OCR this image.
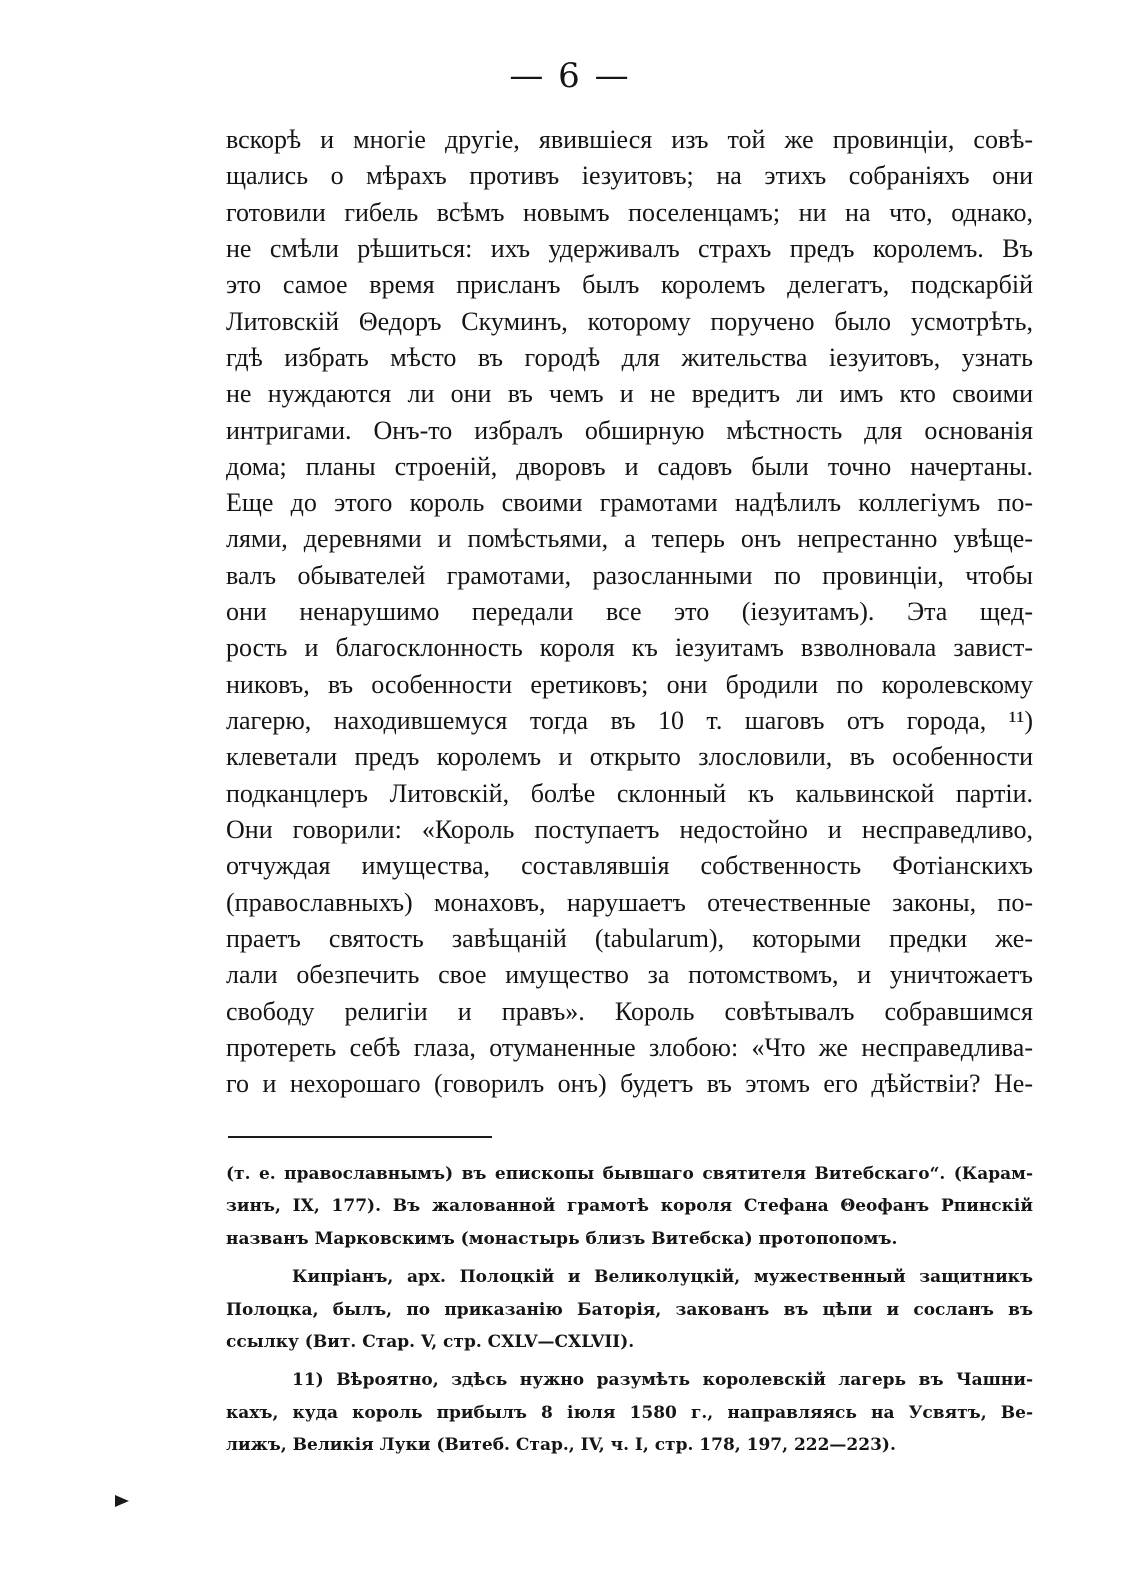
— 6 —
вскорѣ и многіе другіе, явившіеся изъ той же провинціи, совѣ-
щались о мѣрахъ противъ іезуитовъ; на этихъ собраніяхъ они
готовили гибель всѣмъ новымъ поселенцамъ; ни на что, однако,
не смѣли рѣшиться: ихъ удерживалъ страхъ предъ королемъ. Въ
это самое время присланъ былъ королемъ делегатъ, подскарбій
Литовскій Θедоръ Скуминъ, которому поручено было усмотрѣть,
гдѣ избрать мѣсто въ городѣ для жительства іезуитовъ, узнать
не нуждаются ли они въ чемъ и не вредитъ ли имъ кто своими
интригами. Онъ-то избралъ обширную мѣстность для основанія
дома; планы строеній, дворовъ и садовъ были точно начертаны.
Еще до этого король своими грамотами надѣлилъ коллегіумъ по-
лями, деревнями и помѣстьями, а теперь онъ непрестанно увѣще-
валъ обывателей грамотами, разосланными по провинціи, чтобы
они ненарушимо передали все это (іезуитамъ). Эта щед-
рость и благосклонность короля къ іезуитамъ взволновала завист-
никовъ, въ особенности еретиковъ; они бродили по королевскому
лагерю, находившемуся тогда въ 10 т. шаговъ отъ города, ¹¹)
клеветали предъ королемъ и открыто злословили, въ особенности
подканцлеръ Литовскій, болѣе склонный къ кальвинской партіи.
Они говорили: «Король поступаетъ недостойно и несправедливо,
отчуждая имущества, составлявшія собственность Фотіанскихъ
(православныхъ) монаховъ, нарушаетъ отечественные законы, по-
праетъ святость завѣщаній (tabularum), которыми предки же-
лали обезпечить свое имущество за потомствомъ, и уничтожаетъ
свободу религіи и правъ». Король совѣтывалъ собравшимся
протереть себѣ глаза, отуманенные злобою: «Что же несправедлива-
го и нехорошаго (говорилъ онъ) будетъ въ этомъ его дѣйствіи? Не-
(т. е. православнымъ) въ епископы бывшаго святителя Витебскаго“. (Карам-
зинъ, IX, 177). Въ жалованной грамотѣ короля Стефана Θеофанъ Рпинскій
названъ Марковскимъ (монастырь близъ Витебска) протопопомъ.
Кипріанъ, арх. Полоцкій и Великолуцкій, мужественный защитникъ
Полоцка, былъ, по приказанію Баторія, закованъ въ цѣпи и сосланъ въ
ссылку (Вит. Стар. V, стр. CXLV—CXLVII).
11) Вѣроятно, здѣсь нужно разумѣть королевскій лагерь въ Чашни-
кахъ, куда король прибылъ 8 іюля 1580 г., направляясь на Усвятъ, Ве-
лижъ, Великія Луки (Витеб. Стар., IV, ч. I, стр. 178, 197, 222—223).
